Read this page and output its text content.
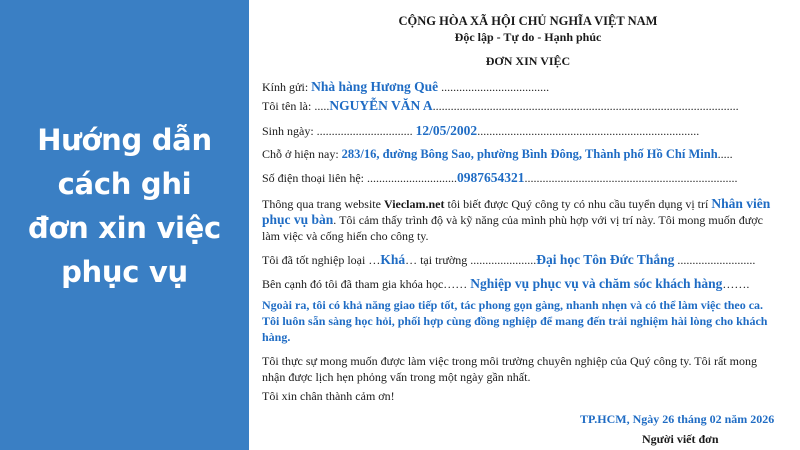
Hướng dẫn
cách ghi
đơn xin việc
phục vụ
CỘNG HÒA XÃ HỘI CHỦ NGHĨA VIỆT NAM
Độc lập - Tự do - Hạnh phúc
ĐƠN XIN VIỆC
Kính gửi: Nhà hàng Hương Quê ....................................
Tôi tên là: .....NGUYỄN VĂN A......................................................................................................
Sinh ngày: ................................ 12/05/2002..........................................................................
Chỗ ở hiện nay: 283/16, đường Bông Sao, phường Bình Đông, Thành phố Hồ Chí Minh.....
Số điện thoại liên hệ: ..............................0987654321.......................................................................
Thông qua trang website Vieclam.net tôi biết được Quý công ty có nhu cầu tuyển dụng vị trí Nhân viên phục vụ bàn. Tôi cảm thấy trình độ và kỹ năng của mình phù hợp với vị trí này. Tôi mong muốn được làm việc và cống hiến cho công ty.
Tôi đã tốt nghiệp loại …Khá… tại trường ......................Đại học Tôn Đức Thắng ..........................
Bên cạnh đó tôi đã tham gia khóa học…… Nghiệp vụ phục vụ và chăm sóc khách hàng…….
Ngoài ra, tôi có khả năng giao tiếp tốt, tác phong gọn gàng, nhanh nhẹn và có thể làm việc theo ca. Tôi luôn sẵn sàng học hỏi, phối hợp cùng đồng nghiệp để mang đến trải nghiệm hài lòng cho khách hàng.
Tôi thực sự mong muốn được làm việc trong môi trường chuyên nghiệp của Quý công ty. Tôi rất mong nhận được lịch hẹn phỏng vấn trong một ngày gần nhất.
Tôi xin chân thành cảm ơn!
TP.HCM, Ngày 26 tháng 02 năm 2026
Người viết đơn
